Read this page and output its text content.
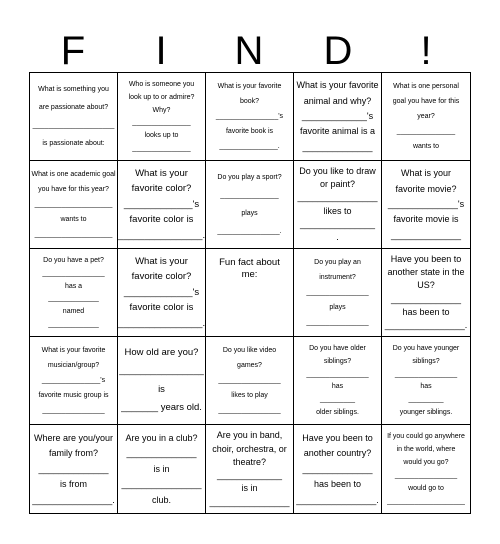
F	I	N	D	!
What is something you
are passionate about?
_____________________
is passionate about:
Who is someone you
look up to or admire?
Why?
_______________
looks up to
_______________
What is your favorite
book?
________________'s
favorite book is
_______________.
What is your favorite
animal and why?
_____________'s
favorite animal is a
______________
What is one personal
goal you have for this
year?
_______________
wants to
What is one academic goal
you have for this year?
____________________
wants to
____________________
What is your
favorite color?
_____________'s
favorite color is
________________.
Do you play a sport?
_______________
plays
________________.
Do you like to draw
or paint?
________________
likes to
_______________
.
What is your
favorite movie?
______________'s
favorite movie is
______________
Do you have a pet?
________________
has a
_____________
named
_____________
What is your
favorite color?
_____________'s
favorite color is
________________.
Fun fact about
me:
Do you play an
instrument?
________________
plays
________________
Have you been to
another state in the
US?
______________
has been to
________________.
What is your favorite
musician/group?
_______________'s
favorite music group is
________________
How old are you?
________________
is
_______ years old.
Do you like video
games?
________________
likes to play
________________
Do you have older
siblings?
________________
has
_________
older siblings.
Do you have younger
siblings?
________________
has
_________
younger siblings.
Where are you/your
family from?
______________
is from
________________.
Are you in a club?
______________
is in
________________
club.
Are you in band,
choir, orchestra, or
theatre?
_____________
is in
________________
Have you been to
another country?
______________
has been to
________________.
If you could go anywhere
in the world, where
would you go?
________________
would go to
____________________
